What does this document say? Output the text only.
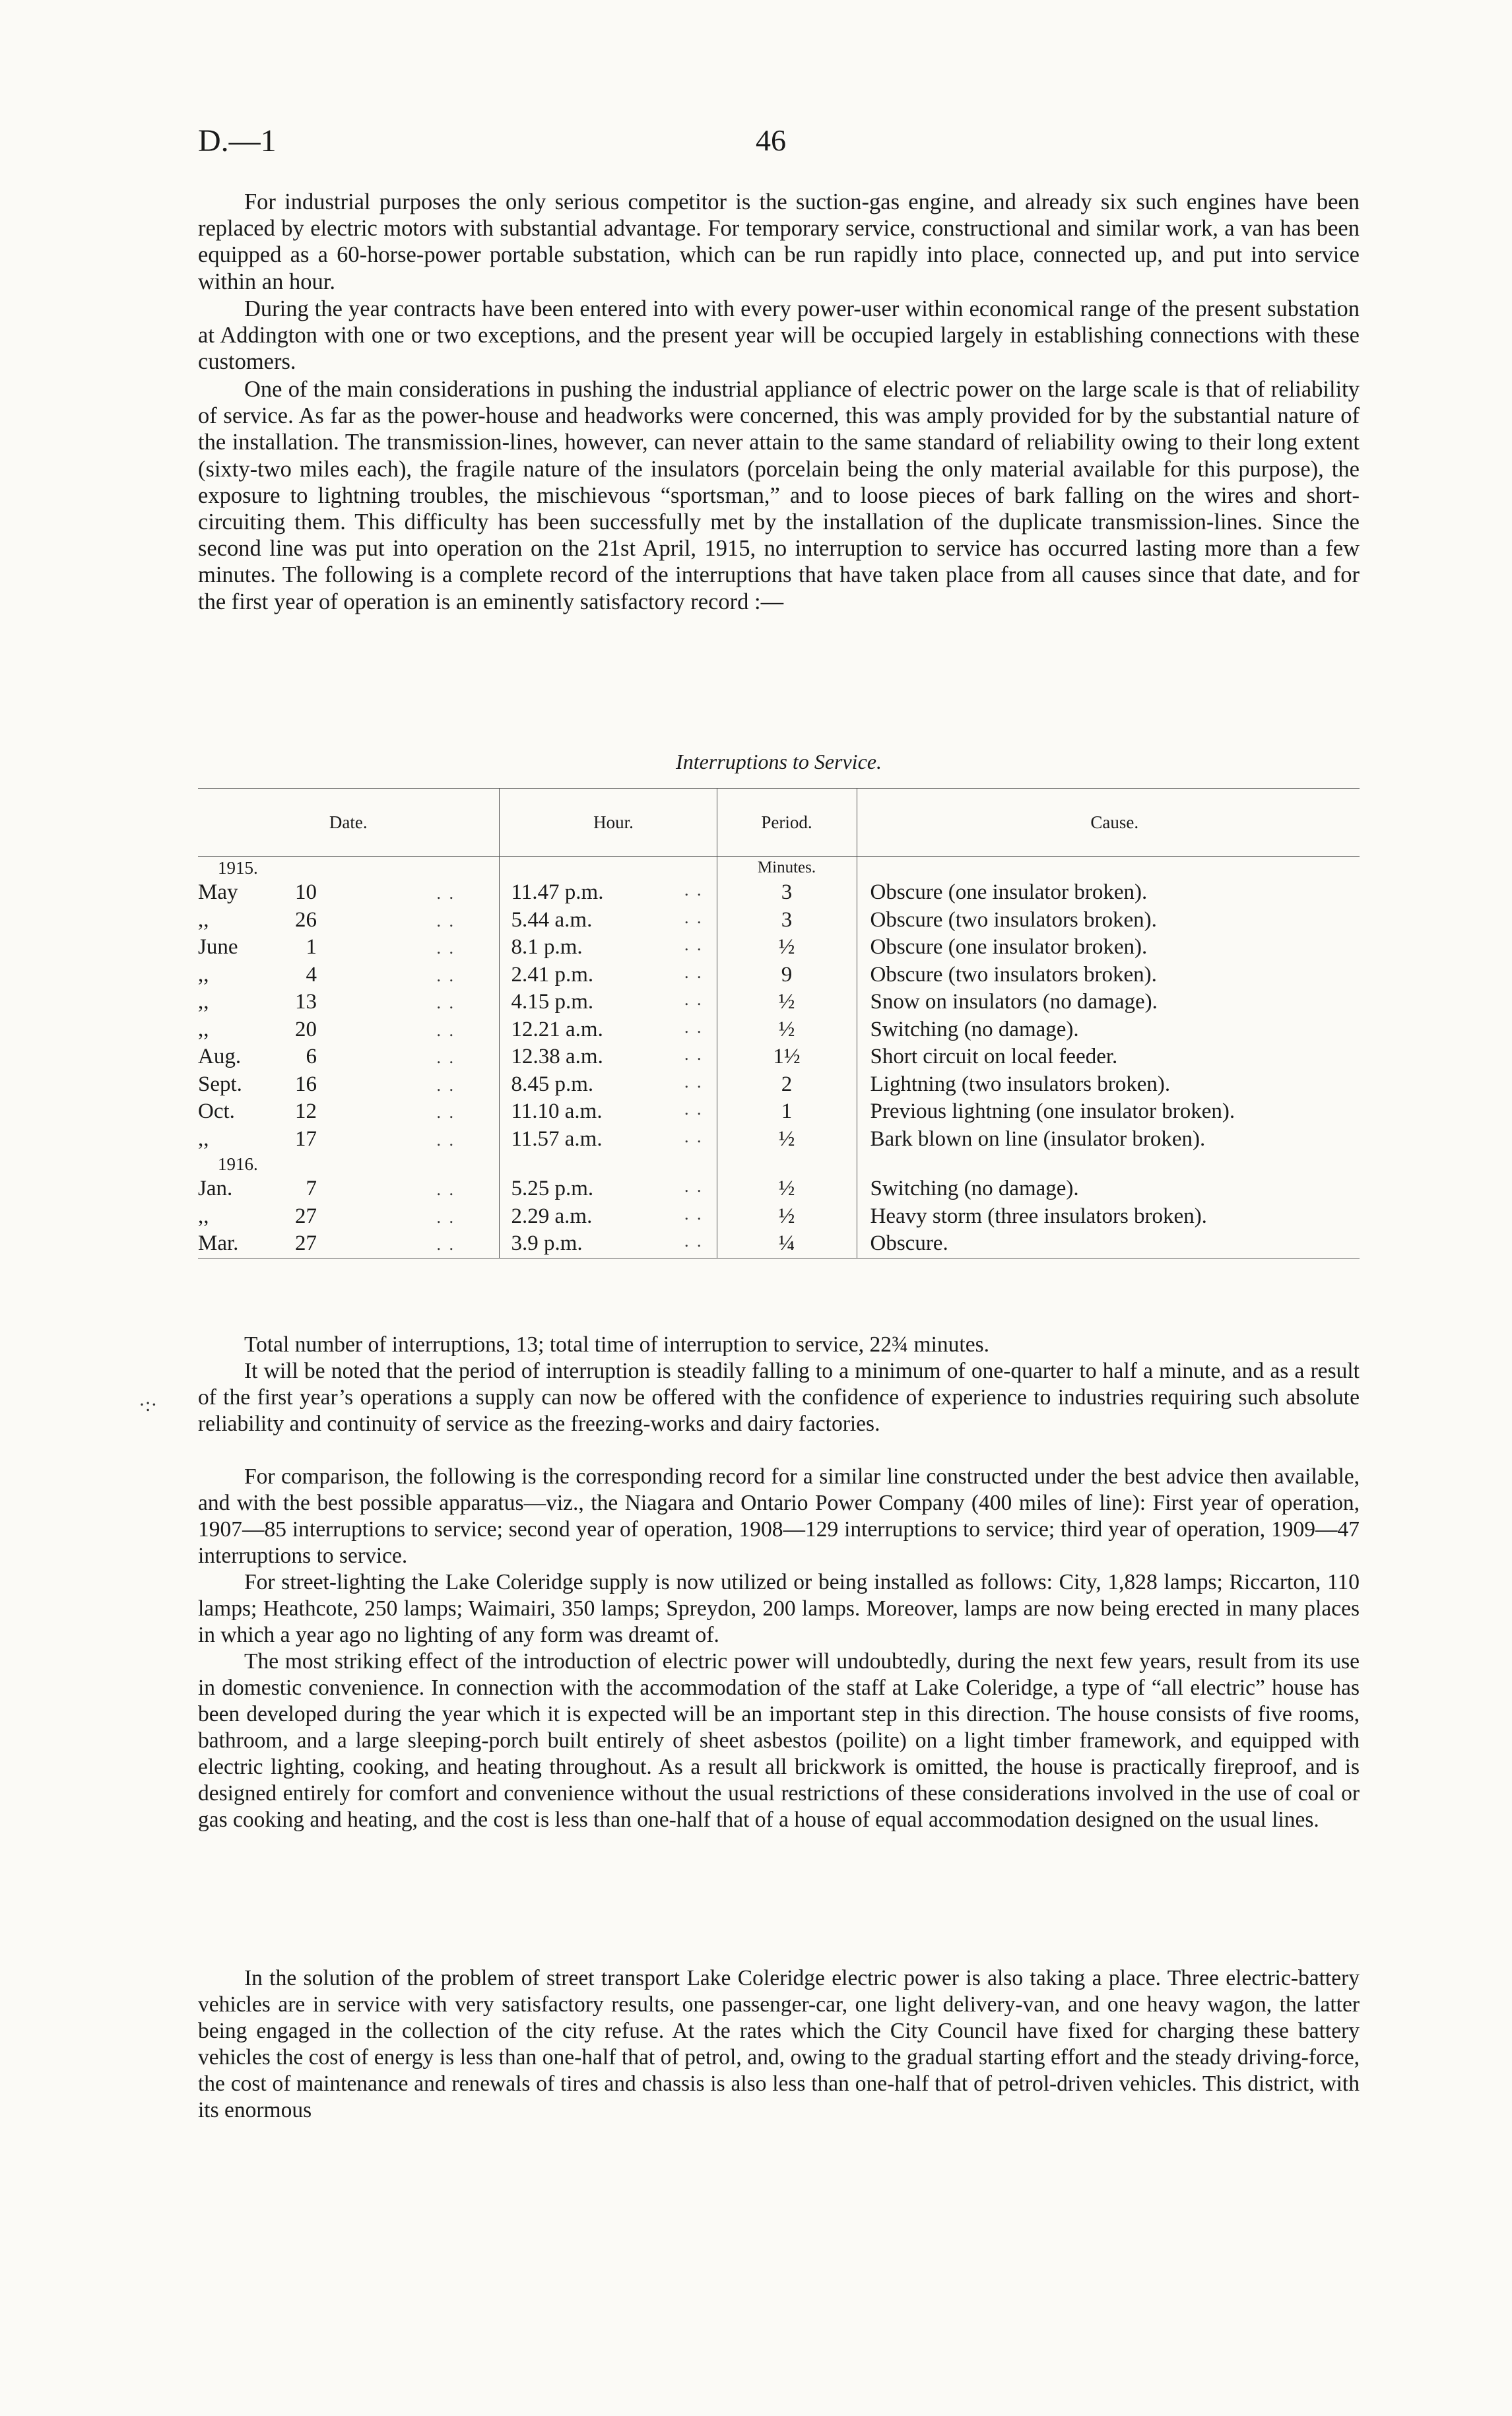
D.—1	46

For industrial purposes the only serious competitor is the suction-gas engine, and already six such engines have been replaced by electric motors with substantial advantage. For temporary service, constructional and similar work, a van has been equipped as a 60-horse-power portable substation, which can be run rapidly into place, connected up, and put into service within an hour.

During the year contracts have been entered into with every power-user within economical range of the present substation at Addington with one or two exceptions, and the present year will be occupied largely in establishing connections with these customers.

One of the main considerations in pushing the industrial appliance of electric power on the large scale is that of reliability of service. As far as the power-house and headworks were concerned, this was amply provided for by the substantial nature of the installation. The transmission-lines, however, can never attain to the same standard of reliability owing to their long extent (sixty-two miles each), the fragile nature of the insulators (porcelain being the only material available for this purpose), the exposure to lightning troubles, the mischievous “sportsman,” and to loose pieces of bark falling on the wires and short-circuiting them. This difficulty has been successfully met by the installation of the duplicate transmission-lines. Since the second line was put into operation on the 21st April, 1915, no interruption to service has occurred lasting more than a few minutes. The following is a complete record of the interruptions that have taken place from all causes since that date, and for the first year of operation is an eminently satisfactory record :—

Interruptions to Service.
Date.	Hour.	Period.	Cause.
1915.		Minutes.	
May 10 . .	11.47 p.m. . .	3	Obscure (one insulator broken).
,, 26 . .	5.44 a.m. . .	3	Obscure (two insulators broken).
June 1 . .	8.1 p.m. . .	½	Obscure (one insulator broken).
,, 4 . .	2.41 p.m. . .	9	Obscure (two insulators broken).
,, 13 . .	4.15 p.m. . .	½	Snow on insulators (no damage).
,, 20 . .	12.21 a.m. . .	½	Switching (no damage).
Aug. 6 . .	12.38 a.m. . .	1½	Short circuit on local feeder.
Sept. 16 . .	8.45 p.m. . .	2	Lightning (two insulators broken).
Oct. 12 . .	11.10 a.m. . .	1	Previous lightning (one insulator broken).
,, 17 . .	11.57 a.m. . .	½	Bark blown on line (insulator broken).
1916.			
Jan. 7 . .	5.25 p.m. . .	½	Switching (no damage).
,, 27 . .	2.29 a.m. . .	½	Heavy storm (three insulators broken).
Mar. 27 . .	3.9 p.m. . .	¼	Obscure.
·:·

Total number of interruptions, 13; total time of interruption to service, 22¾ minutes.

It will be noted that the period of interruption is steadily falling to a minimum of one-quarter to half a minute, and as a result of the first year’s operations a supply can now be offered with the confidence of experience to industries requiring such absolute reliability and continuity of service as the freezing-works and dairy factories.

For comparison, the following is the corresponding record for a similar line constructed under the best advice then available, and with the best possible apparatus—viz., the Niagara and Ontario Power Company (400 miles of line): First year of operation, 1907—85 interruptions to service; second year of operation, 1908—129 interruptions to service; third year of operation, 1909—47 interruptions to service.

For street-lighting the Lake Coleridge supply is now utilized or being installed as follows: City, 1,828 lamps; Riccarton, 110 lamps; Heathcote, 250 lamps; Waimairi, 350 lamps; Spreydon, 200 lamps. Moreover, lamps are now being erected in many places in which a year ago no lighting of any form was dreamt of.

The most striking effect of the introduction of electric power will undoubtedly, during the next few years, result from its use in domestic convenience. In connection with the accommodation of the staff at Lake Coleridge, a type of “all electric” house has been developed during the year which it is expected will be an important step in this direction. The house consists of five rooms, bathroom, and a large sleeping-porch built entirely of sheet asbestos (poilite) on a light timber framework, and equipped with electric lighting, cooking, and heating throughout. As a result all brickwork is omitted, the house is practically fireproof, and is designed entirely for comfort and convenience without the usual restrictions of these considerations involved in the use of coal or gas cooking and heating, and the cost is less than one-half that of a house of equal accommodation designed on the usual lines.

In the solution of the problem of street transport Lake Coleridge electric power is also taking a place. Three electric-battery vehicles are in service with very satisfactory results, one passenger-car, one light delivery-van, and one heavy wagon, the latter being engaged in the collection of the city refuse. At the rates which the City Council have fixed for charging these battery vehicles the cost of energy is less than one-half that of petrol, and, owing to the gradual starting effort and the steady driving-force, the cost of maintenance and renewals of tires and chassis is also less than one-half that of petrol-driven vehicles. This district, with its enormous
